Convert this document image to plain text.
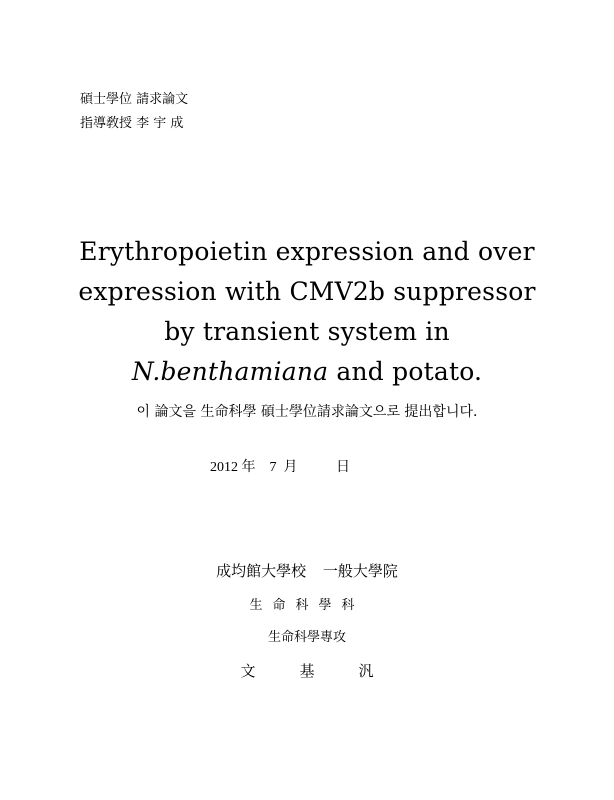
碩士學位 請求論文
指導敎授 李 宇 成
Erythropoietin expression and over
expression with CMV2b suppressor
by transient system in
N.benthamiana and potato.
이 論文을 生命科學 碩士學位請求論文으로 提出합니다.
2012 年 7 月	日
成均館大學校 一般大學院
生命科學科
生命科學專攻
文	基	汎
